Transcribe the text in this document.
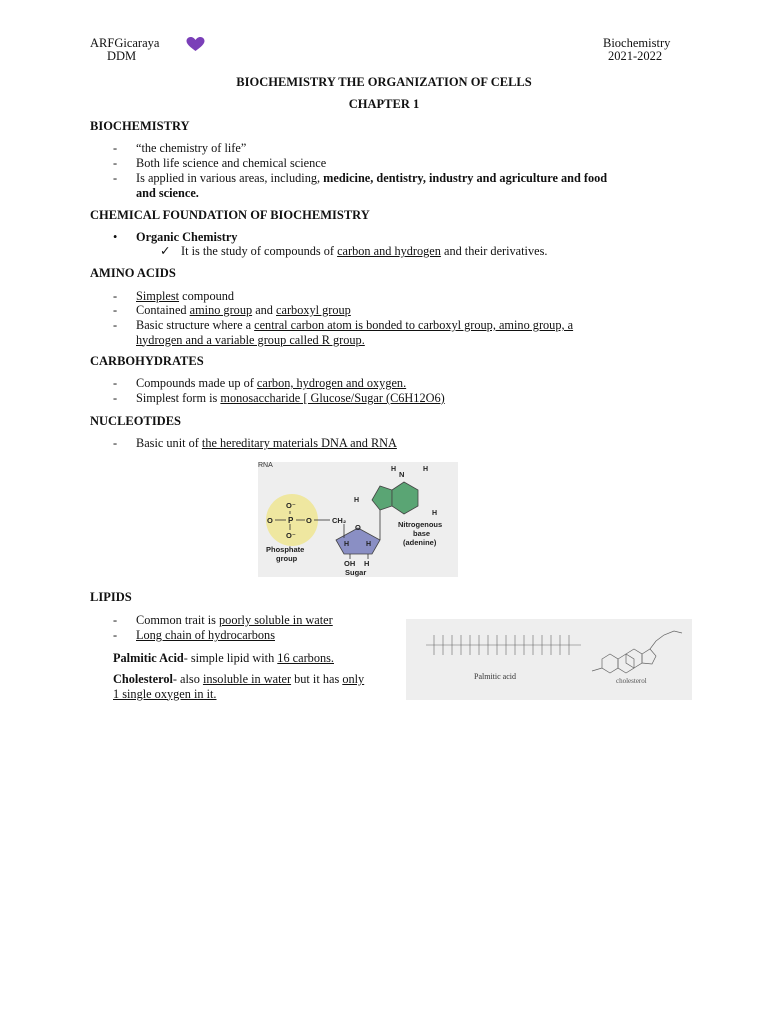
ARFGicaraya
DDM
Biochemistry
2021-2022
BIOCHEMISTRY THE ORGANIZATION OF CELLS
CHAPTER 1
BIOCHEMISTRY
- “the chemistry of life”
- Both life science and chemical science
- Is applied in various areas, including, medicine, dentistry, industry and agriculture and food
and science.
CHEMICAL FOUNDATION OF BIOCHEMISTRY
• Organic Chemistry
✓ It is the study of compounds of carbon and hydrogen and their derivatives.
AMINO ACIDS
- Simplest compound
- Contained amino group and carboxyl group
- Basic structure where a central carbon atom is bonded to carboxyl group, amino group, a
hydrogen and a variable group called R group.
CARBOHYDRATES
- Compounds made up of carbon, hydrogen and oxygen.
- Simplest form is monosaccharide [ Glucose/Sugar (C6H12O6)
NUCLEOTIDES
- Basic unit of the hereditary materials DNA and RNA
RNA
O⁻
O P O
O⁻
CH₂
Phosphate
group
O
H H
OH H
Sugar
N
H	H
H
H
Nitrogenous
base
(adenine)
LIPIDS
- Common trait is poorly soluble in water
- Long chain of hydrocarbons
Palmitic Acid- simple lipid with 16 carbons.
Cholesterol- also insoluble in water but it has only
1 single oxygen in it.
Palmitic acid	cholesterol
